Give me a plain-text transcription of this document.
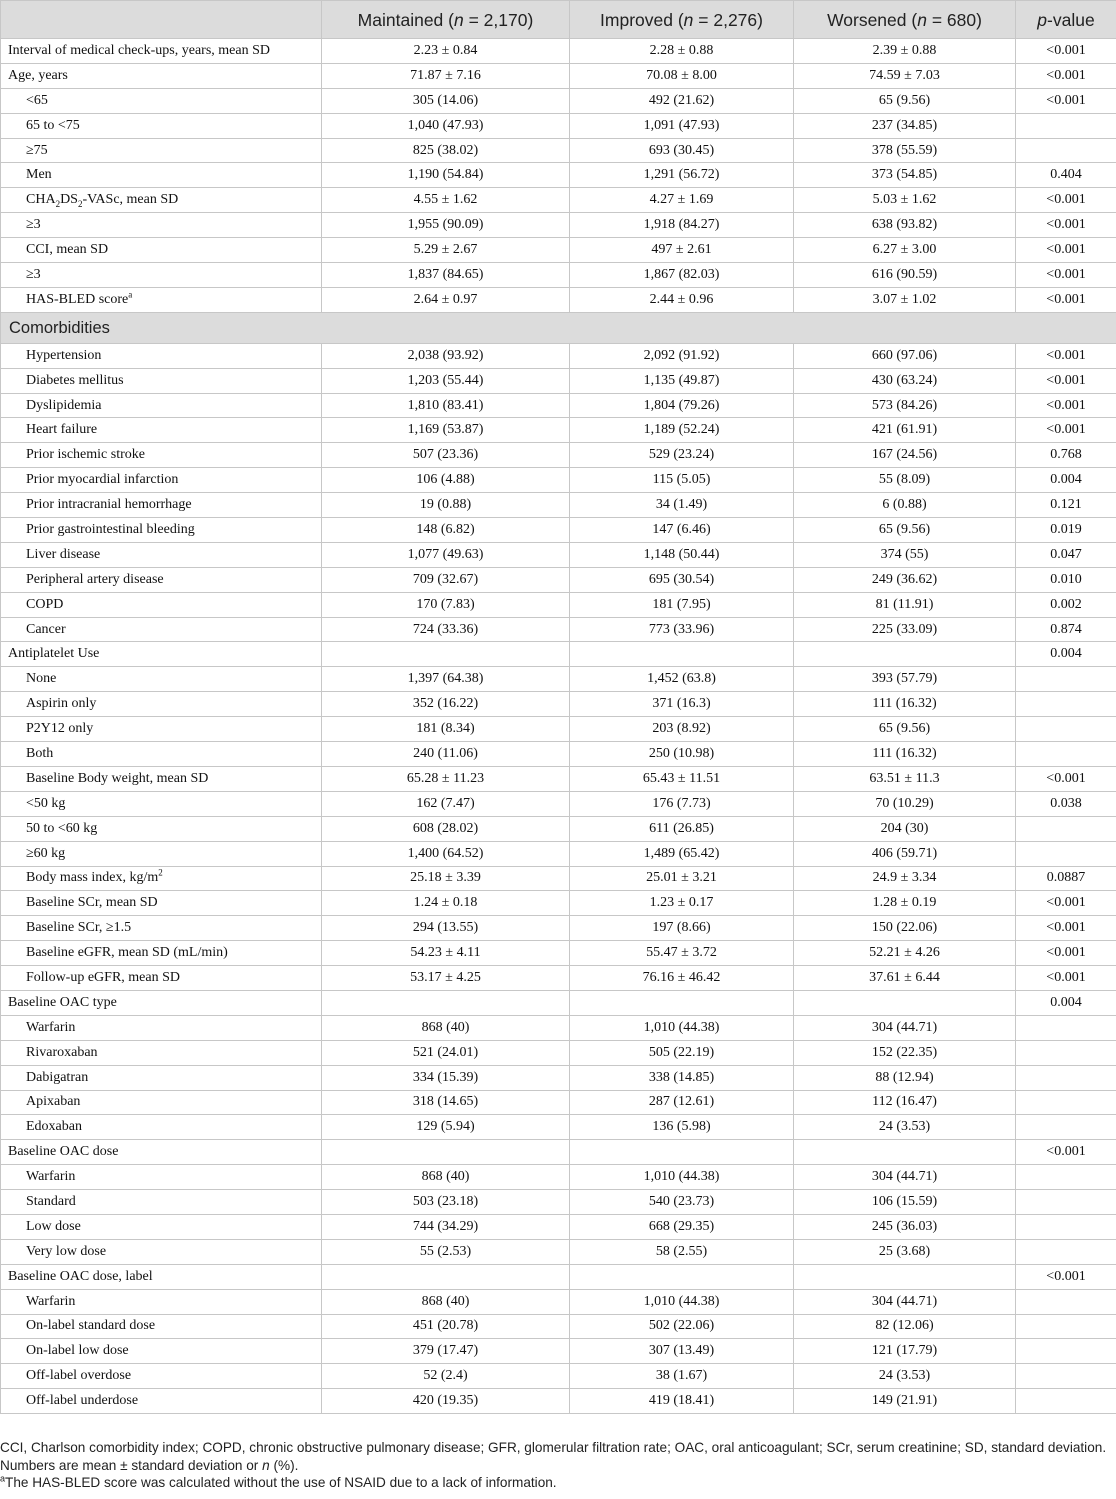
	Maintained (n = 2,170)	Improved (n = 2,276)	Worsened (n = 680)	p-value
Interval of medical check-ups, years, mean SD	2.23 ± 0.84	2.28 ± 0.88	2.39 ± 0.88	<0.001
Age, years	71.87 ± 7.16	70.08 ± 8.00	74.59 ± 7.03	<0.001
<65	305 (14.06)	492 (21.62)	65 (9.56)	<0.001
65 to <75	1,040 (47.93)	1,091 (47.93)	237 (34.85)	
≥75	825 (38.02)	693 (30.45)	378 (55.59)	
Men	1,190 (54.84)	1,291 (56.72)	373 (54.85)	0.404
$CHA_2DS_2$-VASc, mean SD	4.55 ± 1.62	4.27 ± 1.69	5.03 ± 1.62	<0.001
≥3	1,955 (90.09)	1,918 (84.27)	638 (93.82)	<0.001
CCI, mean SD	5.29 ± 2.67	497 ± 2.61	6.27 ± 3.00	<0.001
≥3	1,837 (84.65)	1,867 (82.03)	616 (90.59)	<0.001
HAS-BLED score$^a$	2.64 ± 0.97	2.44 ± 0.96	3.07 ± 1.02	<0.001
Comorbidities				
Hypertension	2,038 (93.92)	2,092 (91.92)	660 (97.06)	<0.001
Diabetes mellitus	1,203 (55.44)	1,135 (49.87)	430 (63.24)	<0.001
Dyslipidemia	1,810 (83.41)	1,804 (79.26)	573 (84.26)	<0.001
Heart failure	1,169 (53.87)	1,189 (52.24)	421 (61.91)	<0.001
Prior ischemic stroke	507 (23.36)	529 (23.24)	167 (24.56)	0.768
Prior myocardial infarction	106 (4.88)	115 (5.05)	55 (8.09)	0.004
Prior intracranial hemorrhage	19 (0.88)	34 (1.49)	6 (0.88)	0.121
Prior gastrointestinal bleeding	148 (6.82)	147 (6.46)	65 (9.56)	0.019
Liver disease	1,077 (49.63)	1,148 (50.44)	374 (55)	0.047
Peripheral artery disease	709 (32.67)	695 (30.54)	249 (36.62)	0.010
COPD	170 (7.83)	181 (7.95)	81 (11.91)	0.002
Cancer	724 (33.36)	773 (33.96)	225 (33.09)	0.874
Antiplatelet Use				0.004
None	1,397 (64.38)	1,452 (63.8)	393 (57.79)	
Aspirin only	352 (16.22)	371 (16.3)	111 (16.32)	
P2Y12 only	181 (8.34)	203 (8.92)	65 (9.56)	
Both	240 (11.06)	250 (10.98)	111 (16.32)	
Baseline Body weight, mean SD	65.28 ± 11.23	65.43 ± 11.51	63.51 ± 11.3	<0.001
<50 kg	162 (7.47)	176 (7.73)	70 (10.29)	0.038
50 to <60 kg	608 (28.02)	611 (26.85)	204 (30)	
≥60 kg	1,400 (64.52)	1,489 (65.42)	406 (59.71)	
Body mass index, $kg/m^2$	25.18 ± 3.39	25.01 ± 3.21	24.9 ± 3.34	0.0887
Baseline SCr, mean SD	1.24 ± 0.18	1.23 ± 0.17	1.28 ± 0.19	<0.001
Baseline SCr, ≥1.5	294 (13.55)	197 (8.66)	150 (22.06)	<0.001
Baseline eGFR, mean SD (mL/min)	54.23 ± 4.11	55.47 ± 3.72	52.21 ± 4.26	<0.001
Follow-up eGFR, mean SD	53.17 ± 4.25	76.16 ± 46.42	37.61 ± 6.44	<0.001
Baseline OAC type				0.004
Warfarin	868 (40)	1,010 (44.38)	304 (44.71)	
Rivaroxaban	521 (24.01)	505 (22.19)	152 (22.35)	
Dabigatran	334 (15.39)	338 (14.85)	88 (12.94)	
Apixaban	318 (14.65)	287 (12.61)	112 (16.47)	
Edoxaban	129 (5.94)	136 (5.98)	24 (3.53)	
Baseline OAC dose				<0.001
Warfarin	868 (40)	1,010 (44.38)	304 (44.71)	
Standard	503 (23.18)	540 (23.73)	106 (15.59)	
Low dose	744 (34.29)	668 (29.35)	245 (36.03)	
Very low dose	55 (2.53)	58 (2.55)	25 (3.68)	
Baseline OAC dose, label				<0.001
Warfarin	868 (40)	1,010 (44.38)	304 (44.71)	
On-label standard dose	451 (20.78)	502 (22.06)	82 (12.06)	
On-label low dose	379 (17.47)	307 (13.49)	121 (17.79)	
Off-label overdose	52 (2.4)	38 (1.67)	24 (3.53)	
Off-label underdose	420 (19.35)	419 (18.41)	149 (21.91)	

CCI, Charlson comorbidity index; COPD, chronic obstructive pulmonary disease; GFR, glomerular filtration rate; OAC, oral anticoagulant; SCr, serum creatinine; SD, standard deviation.

Numbers are mean ± standard deviation or n (%).

$^a$The HAS-BLED score was calculated without the use of NSAID due to a lack of information.
